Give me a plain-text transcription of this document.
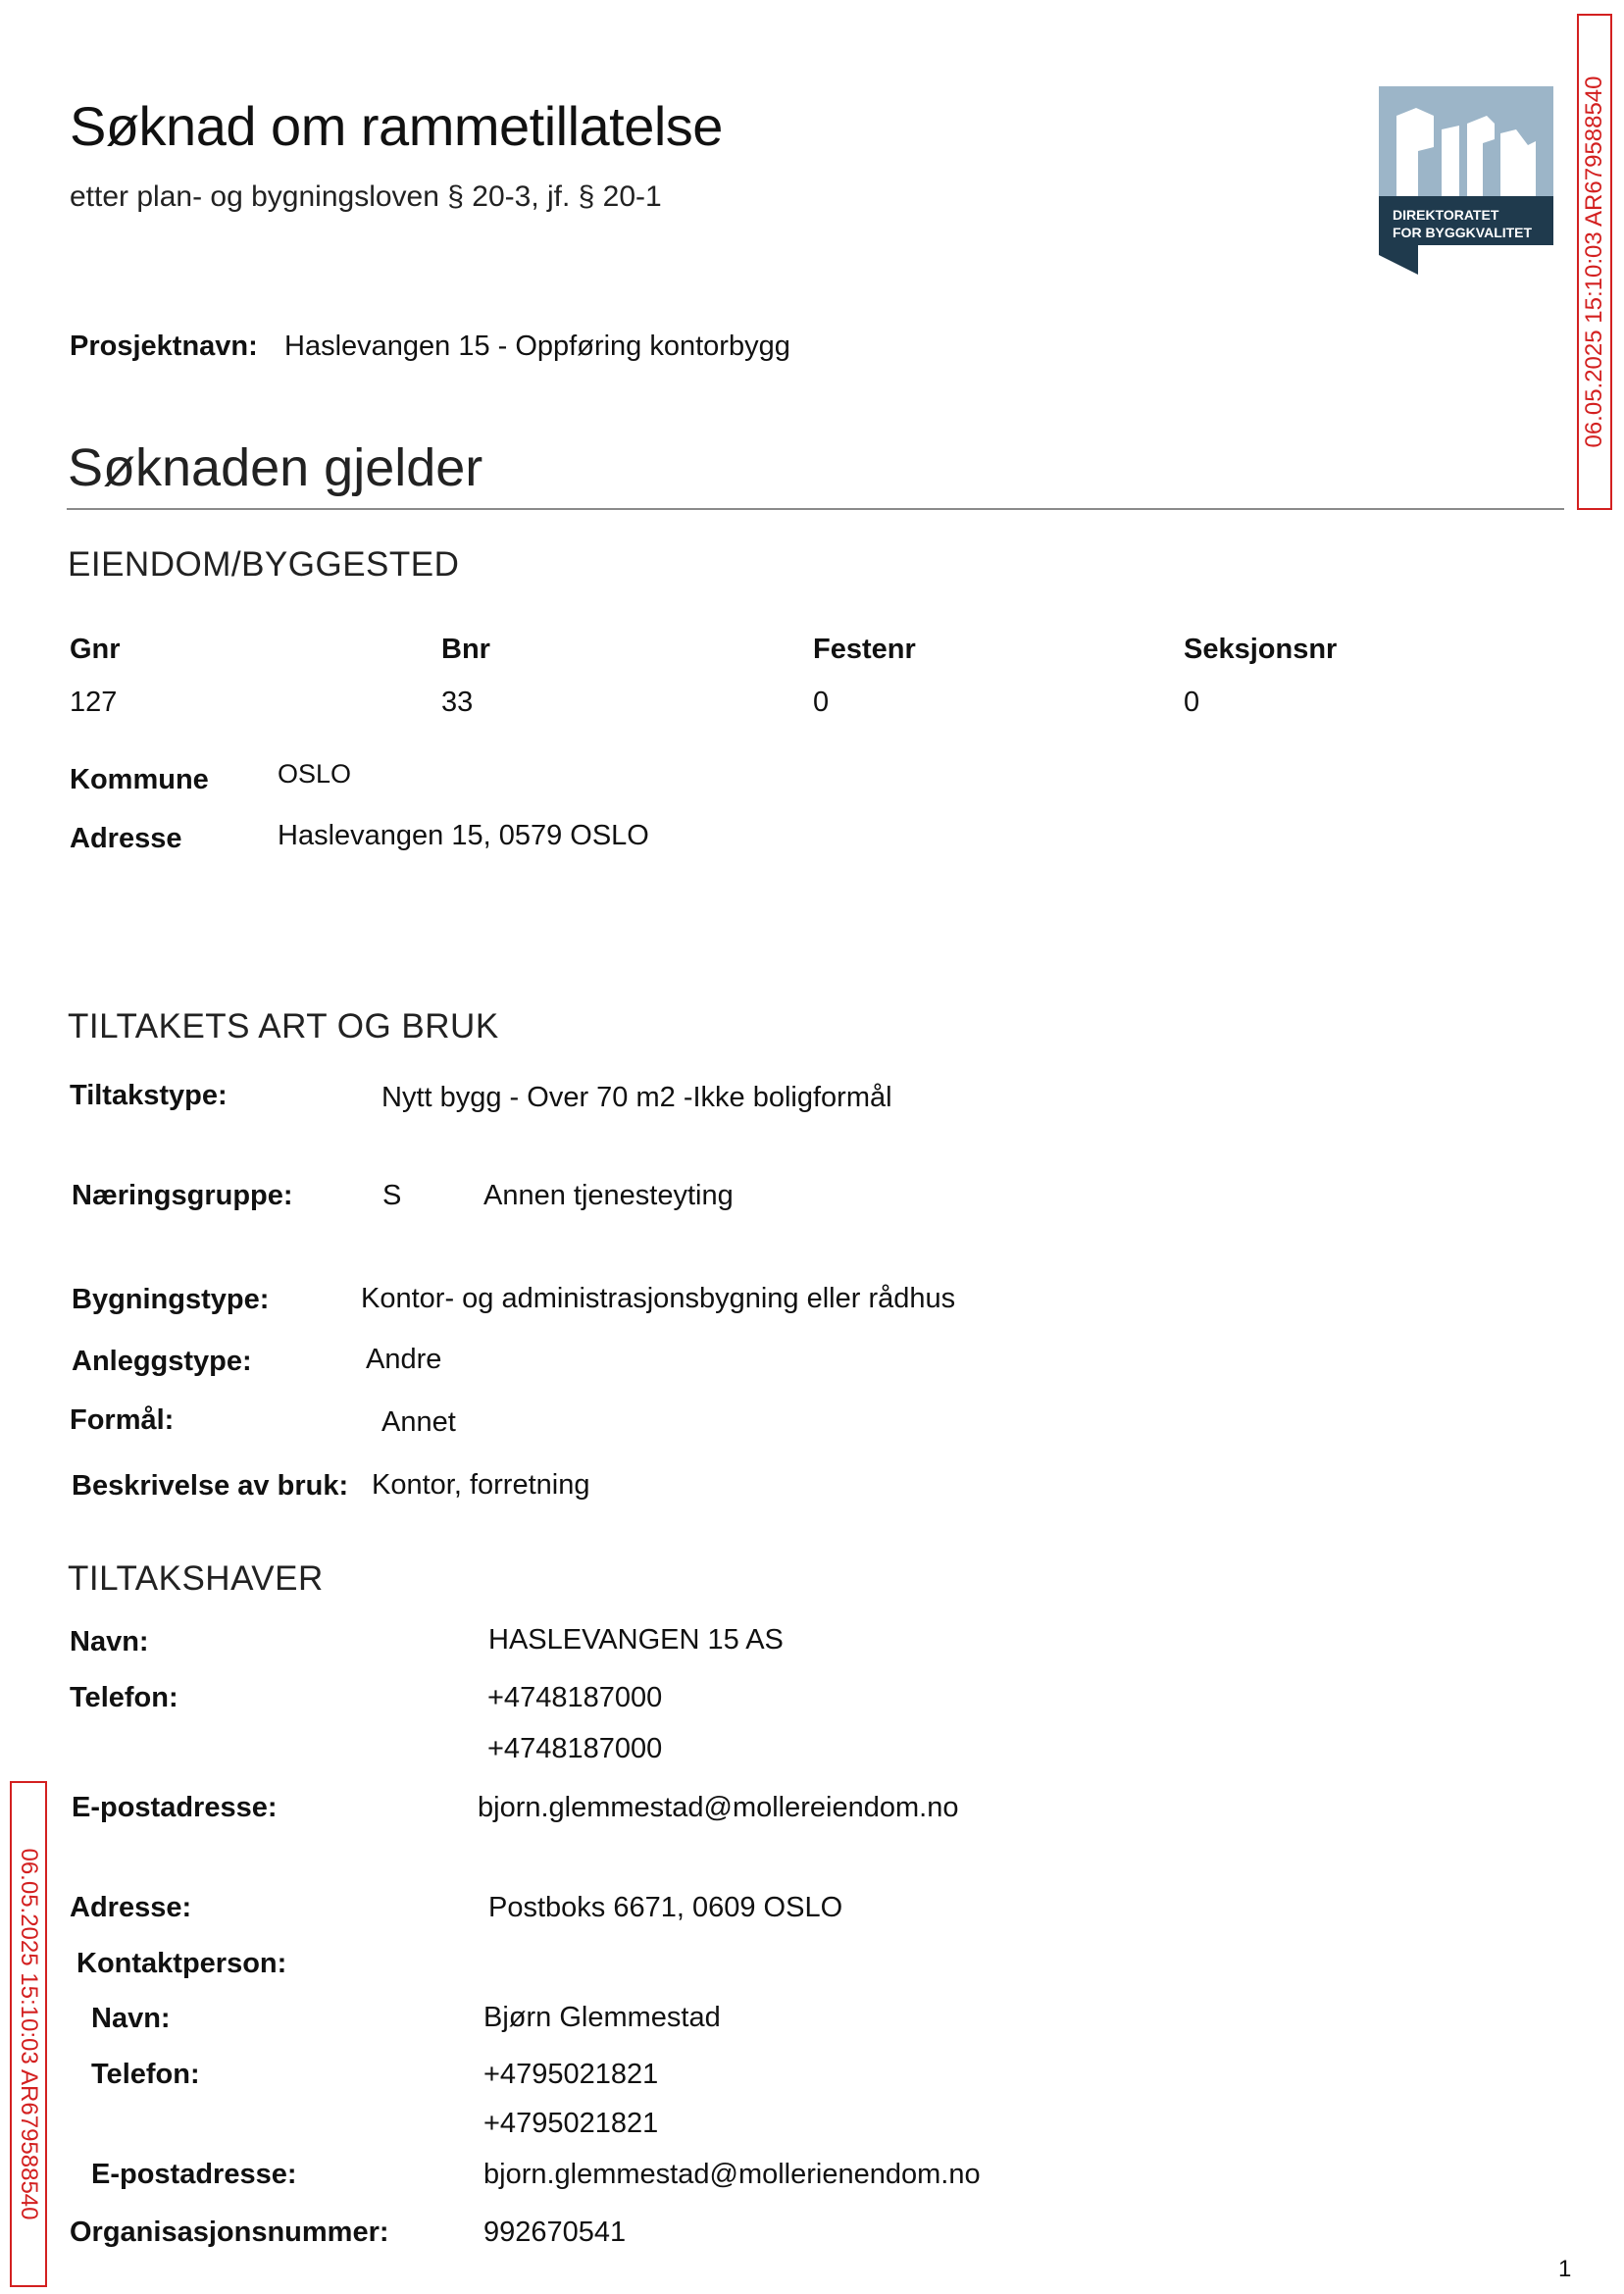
Søknad om rammetillatelse
etter plan- og bygningsloven § 20-3, jf. § 20-1
DIREKTORATET
FOR BYGGKVALITET 06.05.2025 15:10:03 AR679588540
06.05.2025 15:10:03 AR679588540
Prosjektnavn: Haslevangen 15 - Oppføring kontorbygg
Søknaden gjelder
EIENDOM/BYGGESTED
Gnr	Bnr	Festenr	Seksjonsnr
127	33	0	0
Kommune	OSLO
Adresse	Haslevangen 15, 0579 OSLO
TILTAKETS ART OG BRUK
Tiltakstype:	Nytt bygg - Over 70 m2 -Ikke boligformål
Næringsgruppe:	S	Annen tjenesteyting
Bygningstype:	Kontor- og administrasjonsbygning eller rådhus
Anleggstype:	Andre
Formål:	Annet
Beskrivelse av bruk: Kontor, forretning
TILTAKSHAVER
Navn:	HASLEVANGEN 15 AS
Telefon:	+4748187000
+4748187000
E-postadresse:	bjorn.glemmestad@mollereiendom.no
Adresse:	Postboks 6671, 0609 OSLO
Kontaktperson:
Navn:	Bjørn Glemmestad
Telefon:	+4795021821
+4795021821
E-postadresse:	bjorn.glemmestad@mollerienendom.no
Organisasjonsnummer:	992670541
1
